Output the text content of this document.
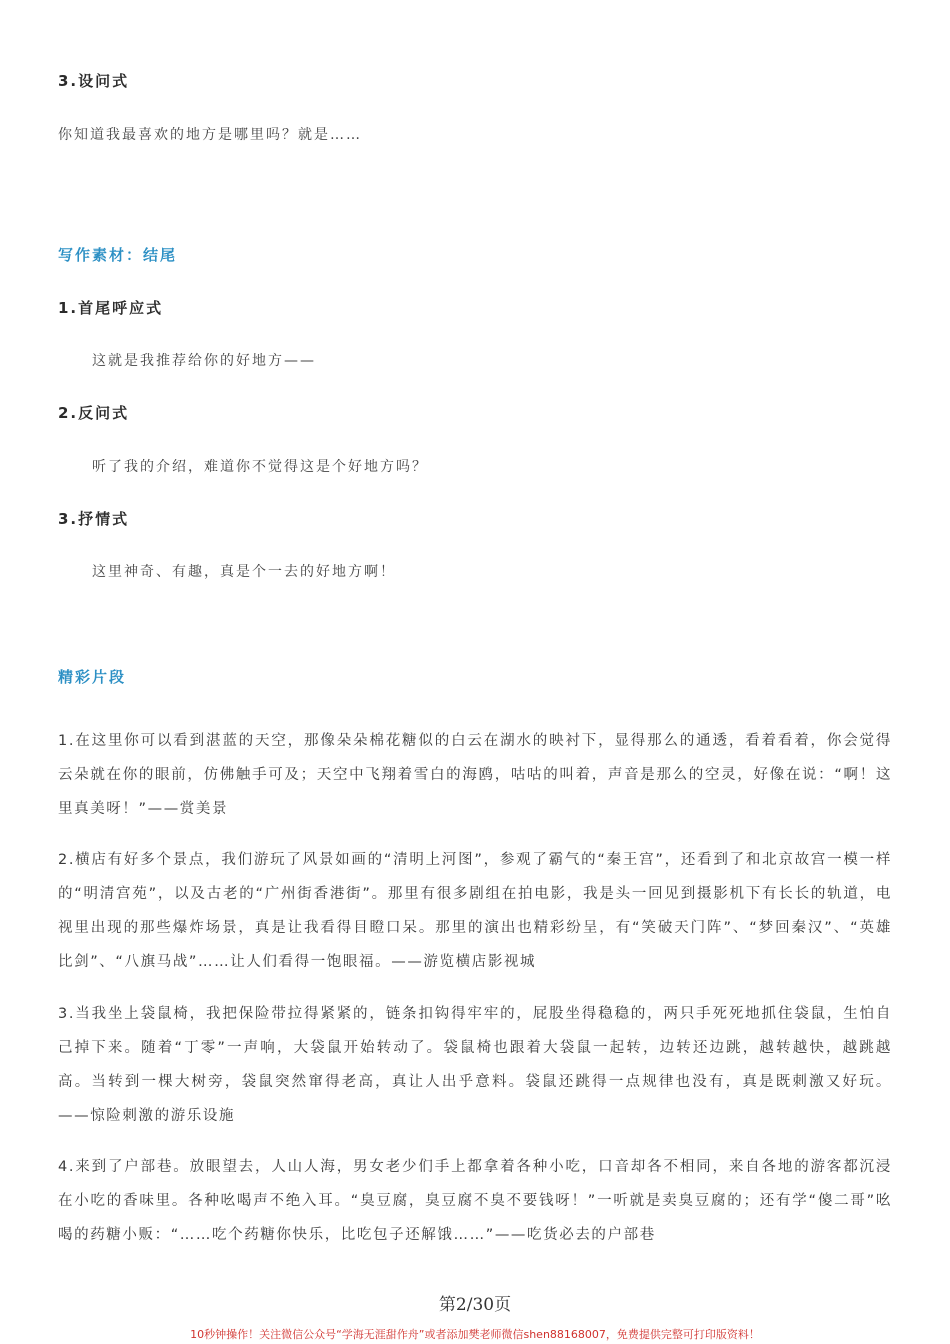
3.设问式
你知道我最喜欢的地方是哪里吗？就是……
写作素材：结尾
1.首尾呼应式
这就是我推荐给你的好地方——
2.反问式
听了我的介绍，难道你不觉得这是个好地方吗？
3.抒情式
这里神奇、有趣，真是个一去的好地方啊！
精彩片段

1.在这里你可以看到湛蓝的天空，那像朵朵棉花糖似的白云在湖水的映衬下，显得那么的通透，看着看着，你会觉得云朵就在你的眼前，仿佛触手可及；天空中飞翔着雪白的海鸥，咕咕的叫着，声音是那么的空灵，好像在说：“啊！这里真美呀！”——赏美景

2.横店有好多个景点，我们游玩了风景如画的“清明上河图”，参观了霸气的“秦王宫”，还看到了和北京故宫一模一样的“明清宫苑”，以及古老的“广州街香港街”。那里有很多剧组在拍电影，我是头一回见到摄影机下有长长的轨道，电视里出现的那些爆炸场景，真是让我看得目瞪口呆。那里的演出也精彩纷呈，有“笑破天门阵”、“梦回秦汉”、“英雄比剑”、“八旗马战”……让人们看得一饱眼福。——游览横店影视城

3.当我坐上袋鼠椅，我把保险带拉得紧紧的，链条扣钩得牢牢的，屁股坐得稳稳的，两只手死死地抓住袋鼠，生怕自己掉下来。随着“丁零”一声响，大袋鼠开始转动了。袋鼠椅也跟着大袋鼠一起转，边转还边跳，越转越快，越跳越高。当转到一棵大树旁，袋鼠突然窜得老高，真让人出乎意料。袋鼠还跳得一点规律也没有，真是既刺激又好玩。——惊险刺激的游乐设施

4.来到了户部巷。放眼望去，人山人海，男女老少们手上都拿着各种小吃，口音却各不相同，来自各地的游客都沉浸在小吃的香味里。各种吆喝声不绝入耳。“臭豆腐，臭豆腐不臭不要钱呀！”一听就是卖臭豆腐的；还有学“傻二哥”吆喝的药糖小贩：“……吃个药糖你快乐，比吃包子还解饿……”——吃货必去的户部巷

第2/30页
10秒钟操作！关注微信公众号“学海无涯甜作舟”或者添加樊老师微信shen88168007，免费提供完整可打印版资料！
